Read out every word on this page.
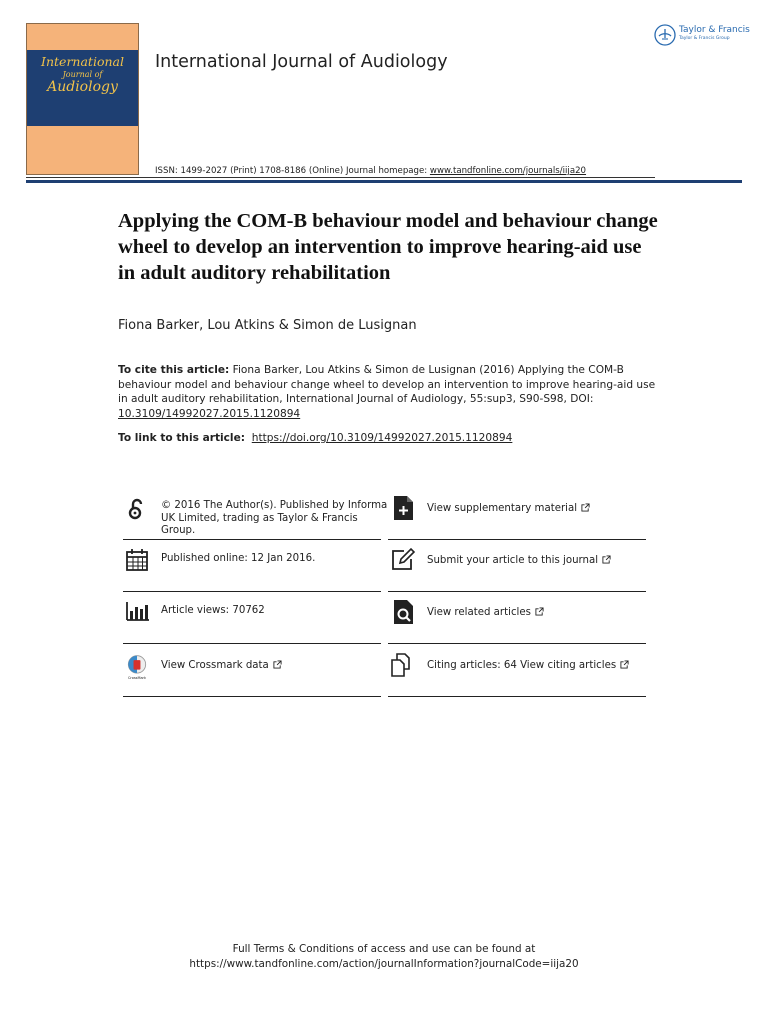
International
Journal of
Audiology
International Journal of Audiology
Taylor & Francis
Taylor & Francis Group
ISSN: 1499-2027 (Print) 1708-8186 (Online) Journal homepage: www.tandfonline.com/journals/iija20
Applying the COM-B behaviour model and behaviour change wheel to develop an intervention to improve hearing-aid use in adult auditory rehabilitation
Fiona Barker, Lou Atkins & Simon de Lusignan
To cite this article: Fiona Barker, Lou Atkins & Simon de Lusignan (2016) Applying the COM-B behaviour model and behaviour change wheel to develop an intervention to improve hearing-aid use in adult auditory rehabilitation, International Journal of Audiology, 55:sup3, S90-S98, DOI: 10.3109/14992027.2015.1120894
To link to this article: https://doi.org/10.3109/14992027.2015.1120894
© 2016 The Author(s). Published by Informa
UK Limited, trading as Taylor & Francis
Group.
Published online: 12 Jan 2016.
Article views: 70762
CrossMark
View Crossmark data
View supplementary material
Submit your article to this journal
View related articles
Citing articles: 64 View citing articles
Full Terms & Conditions of access and use can be found at
https://www.tandfonline.com/action/journalInformation?journalCode=iija20
